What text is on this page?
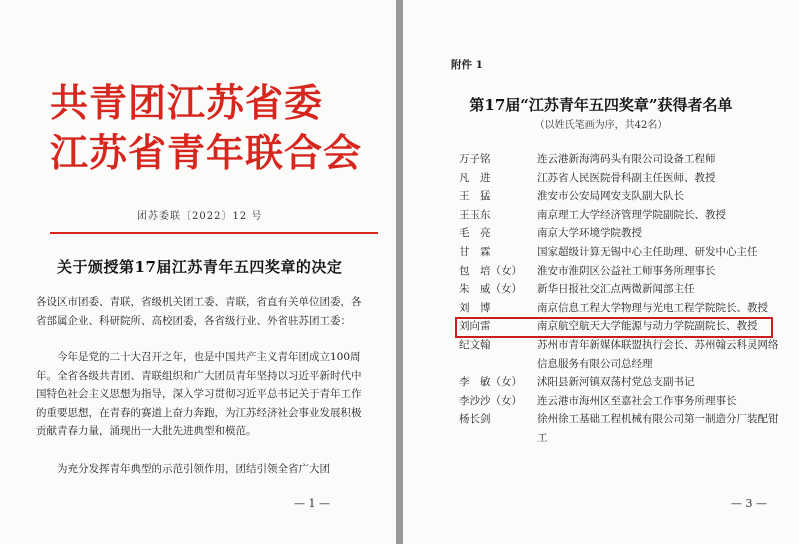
共青团江苏省委
江苏省青年联合会
团苏委联〔2022〕12 号
关于颁授第17届江苏青年五四奖章的决定

各设区市团委、青联，省级机关团工委、青联，省直有关单位团委，各省部属企业、科研院所、高校团委，各省级行业、外省驻苏团工委：

今年是党的二十大召开之年，也是中国共产主义青年团成立100周年。全省各级共青团、青联组织和广大团员青年坚持以习近平新时代中国特色社会主义思想为指导，深入学习贯彻习近平总书记关于青年工作的重要思想，在青春的赛道上奋力奔跑，为江苏经济社会事业发展积极贡献青春力量，涌现出一大批先进典型和模范。

为充分发挥青年典型的示范引领作用，团结引领全省广大团

— 1 —
附件 1
第17届“江苏青年五四奖章”获得者名单
（以姓氏笔画为序，共42名）
万子铭	连云港新海湾码头有限公司设备工程师
凡　进	江苏省人民医院骨科副主任医师、教授
王　猛	淮安市公安局网安支队副大队长
王玉东	南京理工大学经济管理学院副院长、教授
毛　亮	南京大学环境学院教授
甘　霖	国家超级计算无锡中心主任助理、研发中心主任
包　培（女）	淮安市淮阴区公益社工师事务所理事长
朱　威（女）	新华日报社交汇点两微新闻部主任
刘　博	南京信息工程大学物理与光电工程学院院长、教授
刘向雷	南京航空航天大学能源与动力学院副院长、教授
纪文翰	苏州市青年新媒体联盟执行会长、苏州翰云科灵网络信息服务有限公司总经理
李　敏（女）	沭阳县新河镇双荡村党总支副书记
李沙沙（女）	连云港市海州区至嘉社会工作事务所理事长
杨长剑	徐州徐工基础工程机械有限公司第一制造分厂装配钳工
— 3 —
